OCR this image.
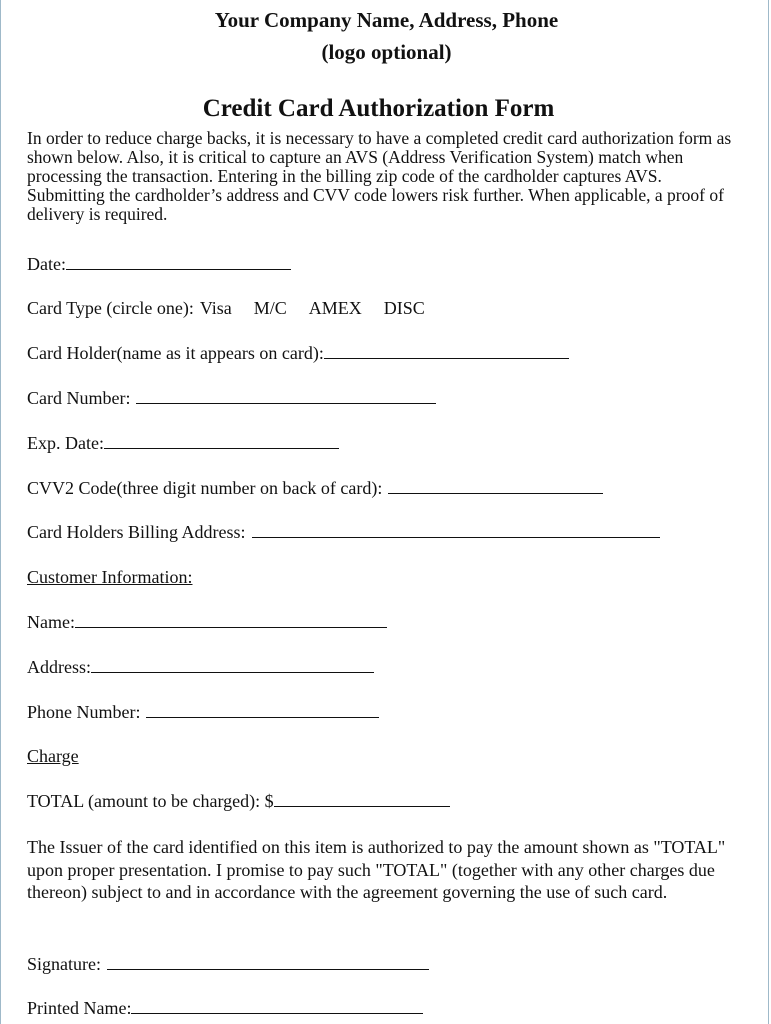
Your Company Name, Address, Phone
(logo optional)
Credit Card Authorization Form
In order to reduce charge backs, it is necessary to have a completed credit card authorization form as shown below. Also, it is critical to capture an AVS (Address Verification System) match when processing the transaction. Entering in the billing zip code of the cardholder captures AVS. Submitting the cardholder’s address and CVV code lowers risk further. When applicable, a proof of delivery is required.
Date:
Card Type (circle one): Visa M/C AMEX DISC
Card Holder(name as it appears on card):
Card Number:
Exp. Date:
CVV2 Code(three digit number on back of card):
Card Holders Billing Address:
Customer Information:
Name:
Address:
Phone Number:
Charge
TOTAL (amount to be charged): $
The Issuer of the card identified on this item is authorized to pay the amount shown as "TOTAL" upon proper presentation. I promise to pay such "TOTAL" (together with any other charges due thereon) subject to and in accordance with the agreement governing the use of such card.
Signature:
Printed Name:
